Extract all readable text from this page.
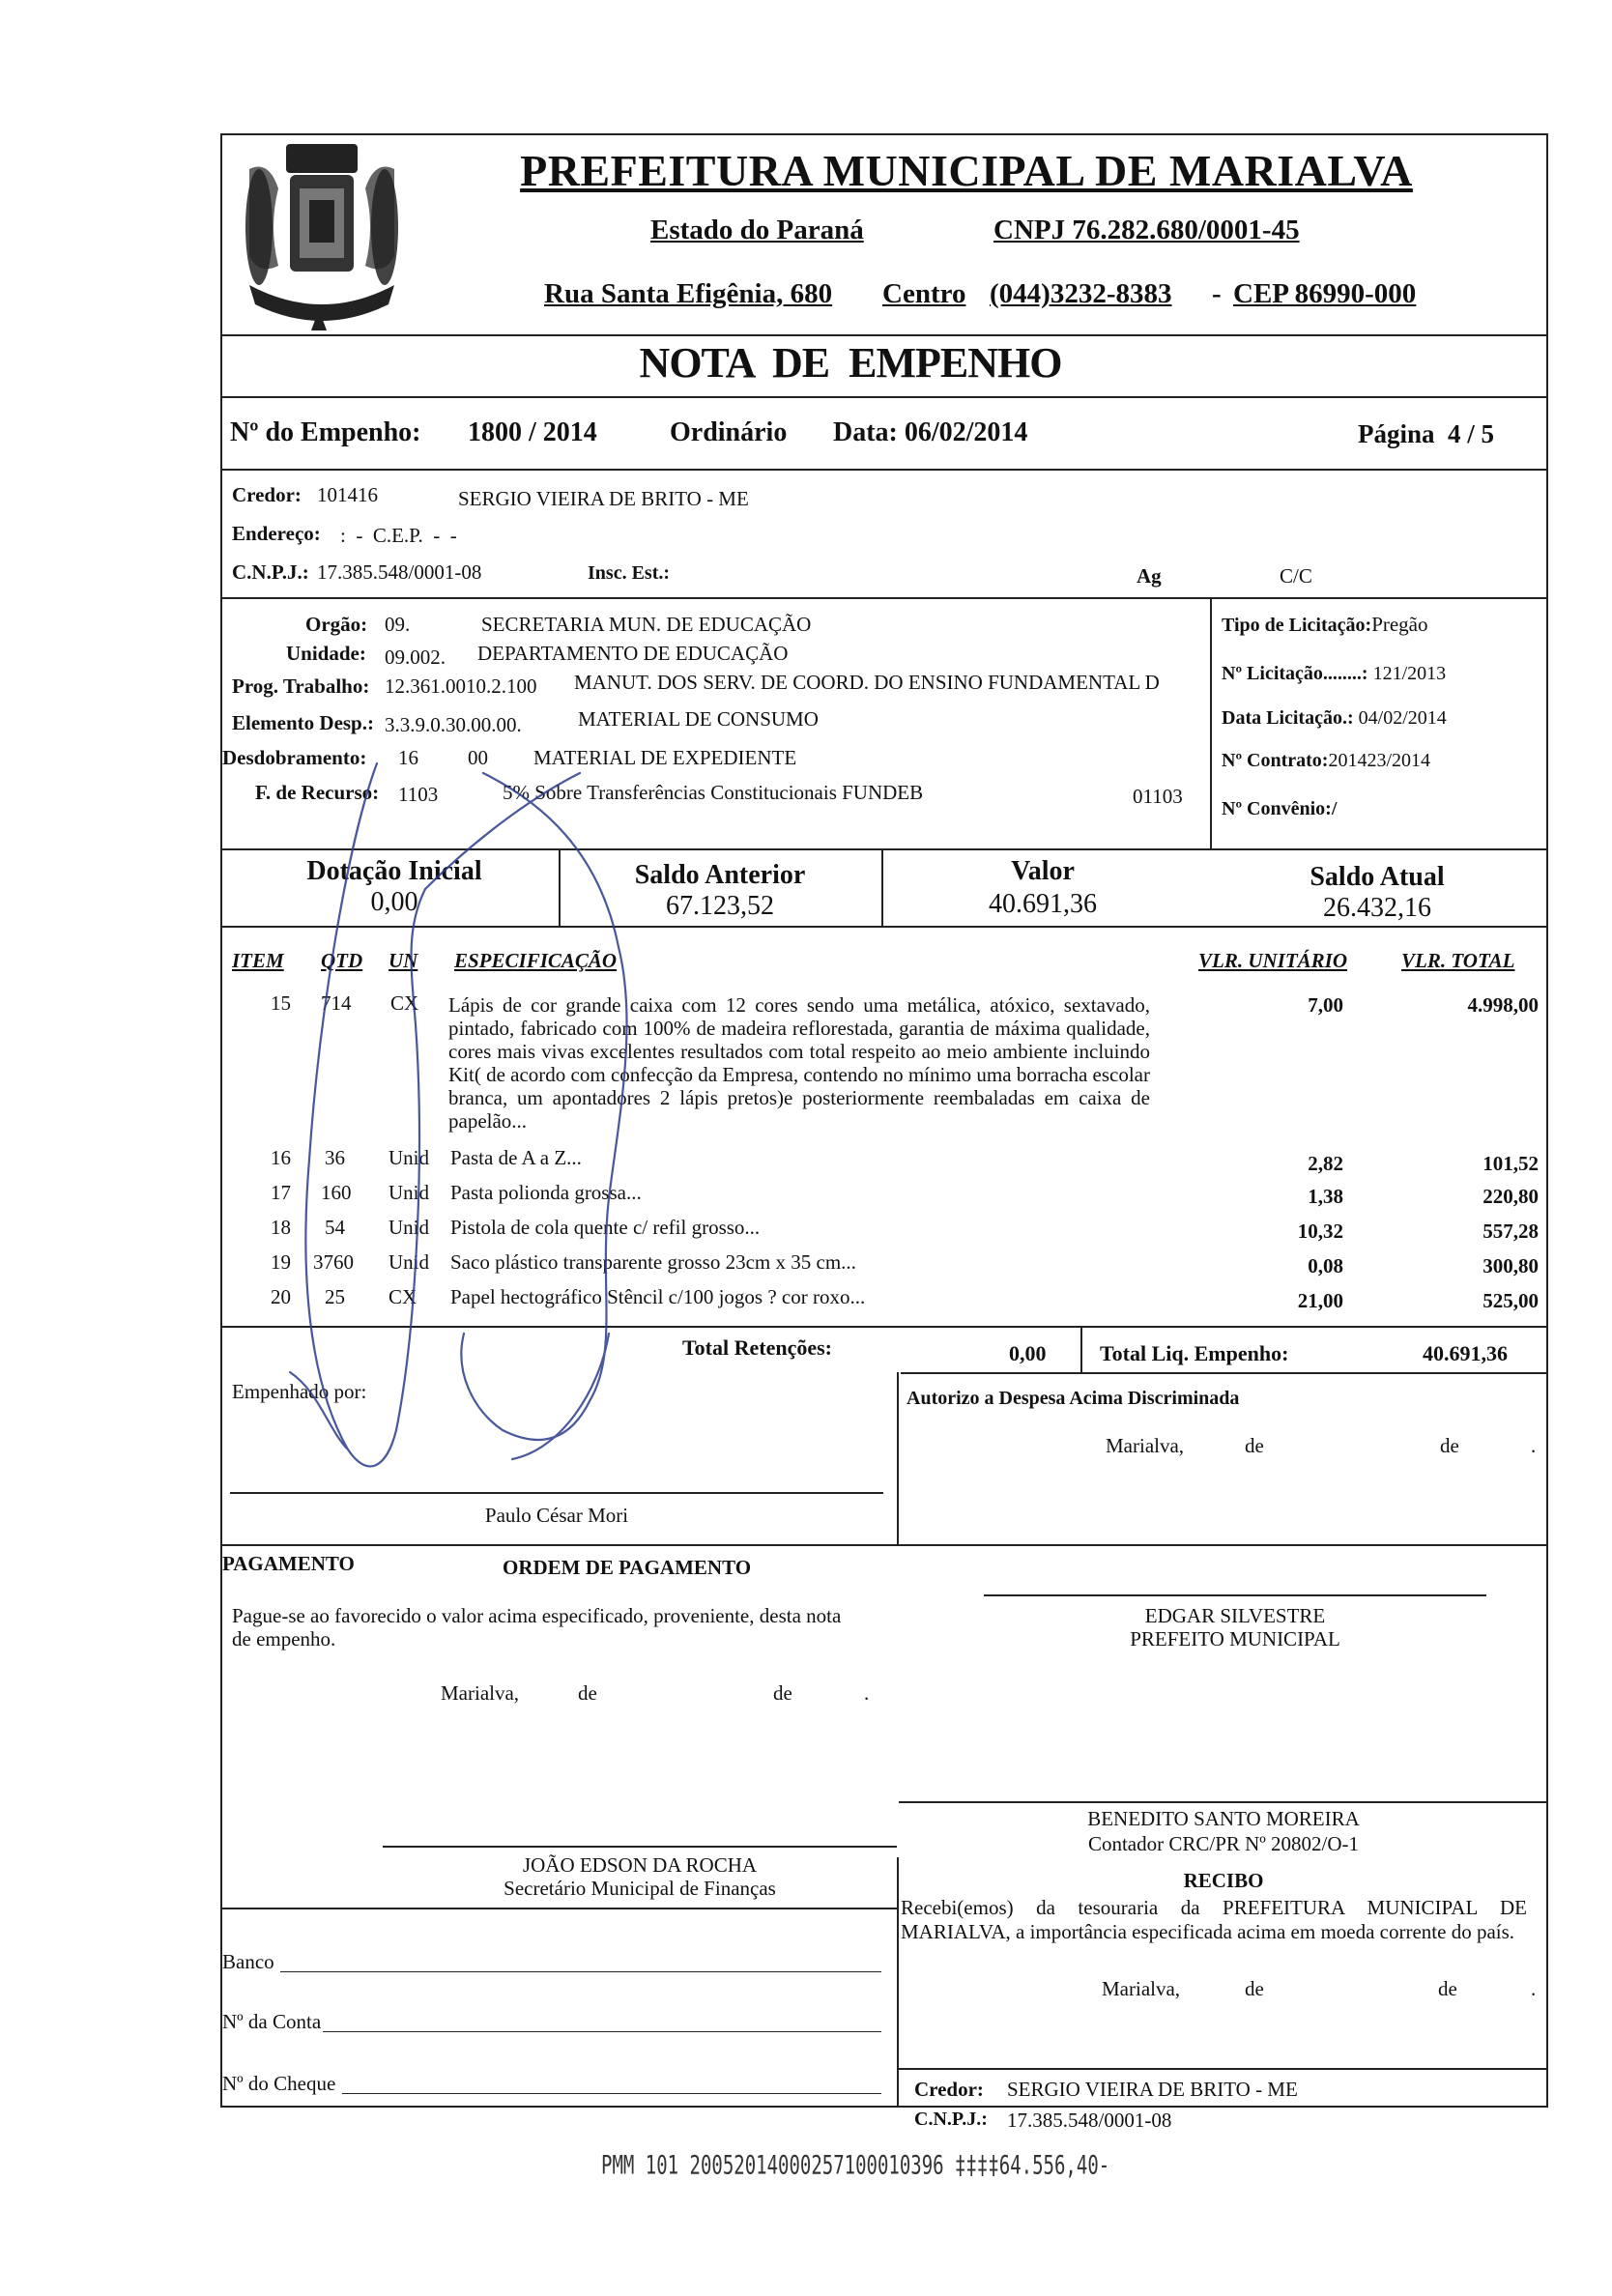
PREFEITURA MUNICIPAL DE MARIALVA
Estado do Paraná	CNPJ 76.282.680/0001-45
Rua Santa Efigênia, 680 Centro (044)3232-8383 - CEP 86990-000
NOTA  DE  EMPENHO
Nº do Empenho: 1800 / 2014	Ordinário Data: 06/02/2014	Página  4 / 5
Credor: 101416	SERGIO VIEIRA DE BRITO - ME
Endereço: :  -  C.E.P.  -  -
C.N.P.J.: 17.385.548/0001-08	Insc. Est.:	Ag	C/C
Orgão: 09.	SECRETARIA MUN. DE EDUCAÇÃO
Unidade: 09.002. DEPARTAMENTO DE EDUCAÇÃO
Prog. Trabalho: 12.361.0010.2.100 MANUT. DOS SERV. DE COORD. DO ENSINO FUNDAMENTAL D
Elemento Desp.: 3.3.9.0.30.00.00.	MATERIAL DE CONSUMO
Desdobramento: 16 00 MATERIAL DE EXPEDIENTE
F. de Recurso: 1103	5% Sobre Transferências Constitucionais FUNDEB	01103
Tipo de Licitação:Pregão
Nº Licitação........: 121/2013
Data Licitação.: 04/02/2014
Nº Contrato:201423/2014
Nº Convênio:/
Dotação Inicial
0,00
Saldo Anterior
67.123,52
Valor
40.691,36
Saldo Atual
26.432,16
ITEM QTD UN ESPECIFICAÇÃO	VLR. UNITÁRIO	VLR. TOTAL
15 714 CX Lápis de cor grande caixa com 12 cores sendo uma metálica, atóxico, sextavado, pintado, fabricado com 100% de madeira reflorestada, garantia de máxima qualidade, cores mais vivas excelentes resultados com total respeito ao meio ambiente incluindo Kit( de acordo com confecção da Empresa, contendo no mínimo uma borracha escolar branca, um apontadores 2 lápis pretos)e posteriormente reembaladas em caixa de papelão...
7,00	4.998,00
16 36 Unid Pasta de A a Z...	2,82	101,52
17 160 Unid Pasta polionda grossa...	1,38	220,80
18 54 Unid Pistola de cola quente c/ refil grosso...	10,32	557,28
19 3760 Unid Saco plástico transparente grosso 23cm x 35 cm...	0,08	300,80
20 25 CX Papel hectográfico Stêncil c/100 jogos ? cor roxo...	21,00	525,00
Total Retenções:	0,00	Total Liq. Empenho:	40.691,36
Empenhado por:	Autorizo a Despesa Acima Discriminada
Marialva,	de	de	.
Paulo César Mori
PAGAMENTO	ORDEM DE PAGAMENTO
Pague-se ao favorecido o valor acima especificado, proveniente, desta nota de empenho.
Marialva,	de	de	.
EDGAR SILVESTRE
PREFEITO MUNICIPAL
BENEDITO SANTO MOREIRA
Contador CRC/PR Nº 20802/O-1
JOÃO EDSON DA ROCHA
Secretário Municipal de Finanças	RECIBO
Recebi(emos) da tesouraria da PREFEITURA MUNICIPAL DE MARIALVA, a importância especificada acima em moeda corrente do país.
Marialva,	de	de	.
Banco
Nº da Conta
Nº do Cheque	Credor: SERGIO VIEIRA DE BRITO - ME
C.N.P.J.: 17.385.548/0001-08
PMM 101 20052014000257100010396 ‡‡‡‡64.556,40-
